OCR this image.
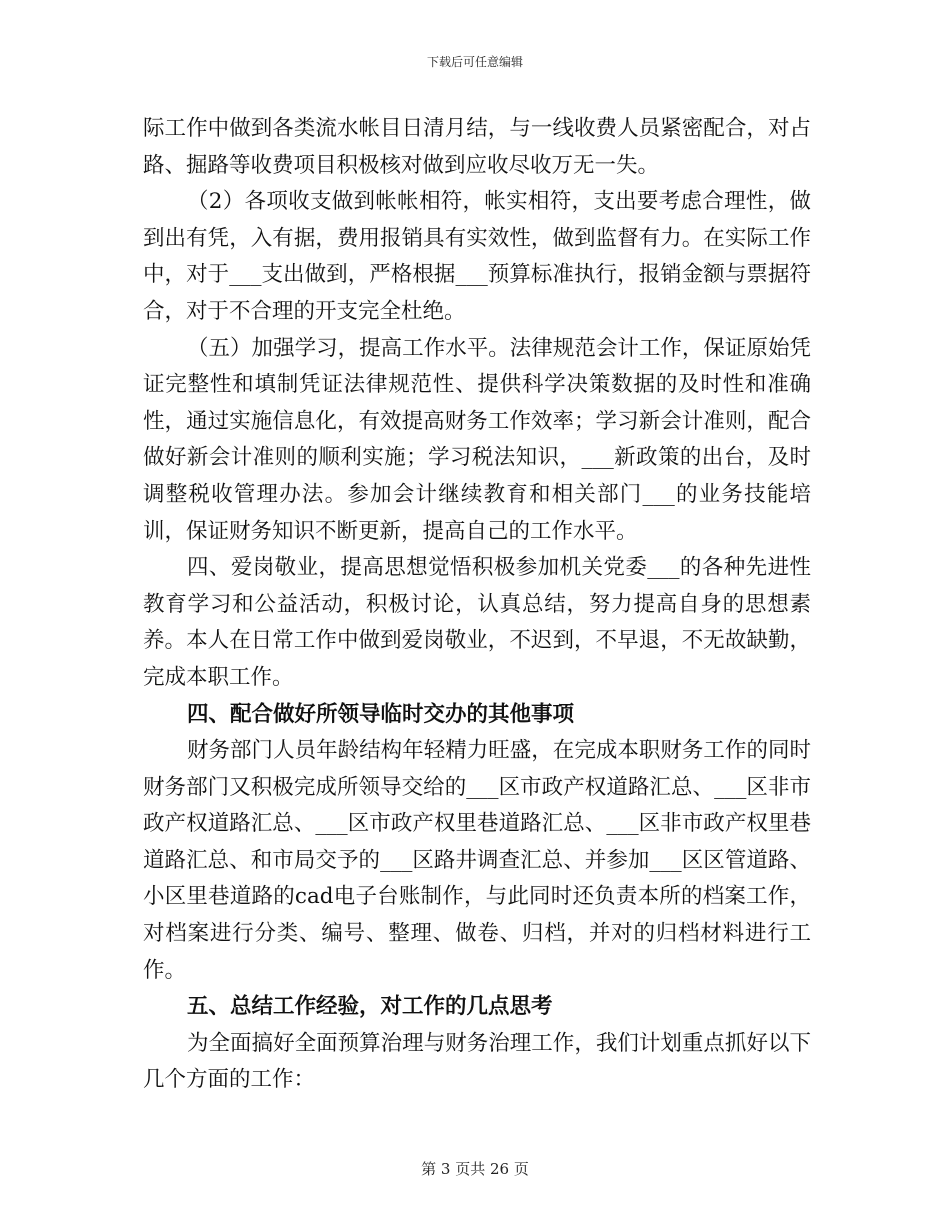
下载后可任意编辑

际工作中做到各类流水帐目日清月结，与一线收费人员紧密配合，对占路、掘路等收费项目积极核对做到应收尽收万无一失。

（2）各项收支做到帐帐相符，帐实相符，支出要考虑合理性，做到出有凭，入有据，费用报销具有实效性，做到监督有力。在实际工作中，对于___支出做到，严格根据___预算标准执行，报销金额与票据符合，对于不合理的开支完全杜绝。

（五）加强学习，提高工作水平。法律规范会计工作，保证原始凭证完整性和填制凭证法律规范性、提供科学决策数据的及时性和准确性，通过实施信息化，有效提高财务工作效率；学习新会计准则，配合做好新会计准则的顺利实施；学习税法知识，___新政策的出台，及时调整税收管理办法。参加会计继续教育和相关部门___的业务技能培训，保证财务知识不断更新，提高自己的工作水平。

四、爱岗敬业，提高思想觉悟积极参加机关党委___的各种先进性教育学习和公益活动，积极讨论，认真总结，努力提高自身的思想素养。本人在日常工作中做到爱岗敬业，不迟到，不早退，不无故缺勤，完成本职工作。

四、配合做好所领导临时交办的其他事项

财务部门人员年龄结构年轻精力旺盛，在完成本职财务工作的同时财务部门又积极完成所领导交给的___区市政产权道路汇总、___区非市政产权道路汇总、___区市政产权里巷道路汇总、___区非市政产权里巷道路汇总、和市局交予的___区路井调查汇总、并参加___区区管道路、小区里巷道路的cad电子台账制作，与此同时还负责本所的档案工作，对档案进行分类、编号、整理、做卷、归档，并对的归档材料进行工作。

五、总结工作经验，对工作的几点思考

为全面搞好全面预算治理与财务治理工作，我们计划重点抓好以下几个方面的工作：

第 3 页共 26 页
